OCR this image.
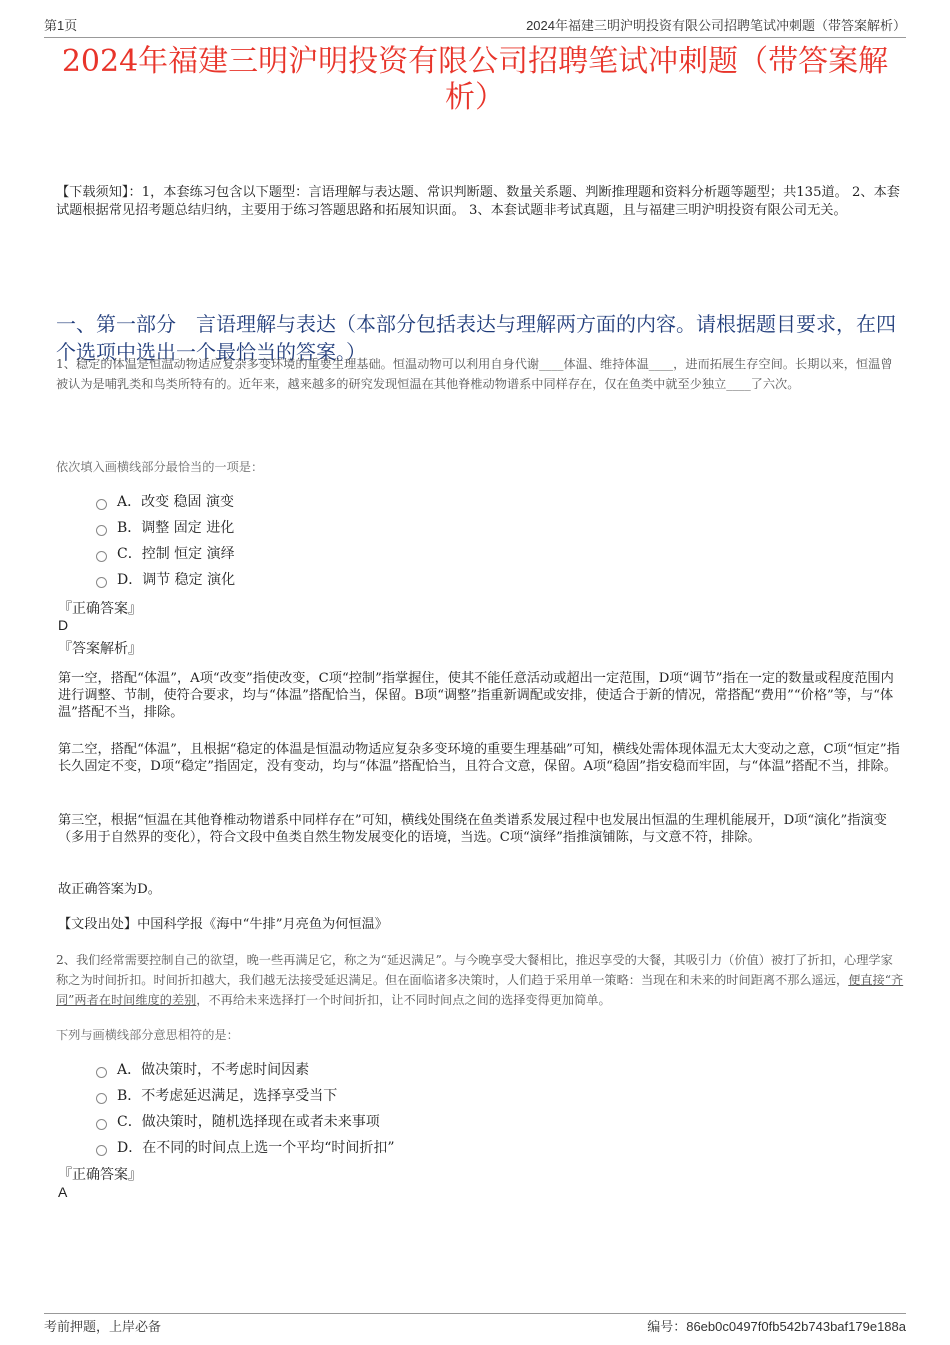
第1页	2024年福建三明沪明投资有限公司招聘笔试冲刺题（带答案解析）
2024年福建三明沪明投资有限公司招聘笔试冲刺题（带答案解析）
【下载须知】：1，本套练习包含以下题型：言语理解与表达题、常识判断题、数量关系题、判断推理题和资料分析题等题型；共135道。 2、本套试题根据常见招考题总结归纳，主要用于练习答题思路和拓展知识面。 3、本套试题非考试真题，且与福建三明沪明投资有限公司无关。
一、第一部分　言语理解与表达（本部分包括表达与理解两方面的内容。请根据题目要求，在四个选项中选出一个最恰当的答案。）
1、稳定的体温是恒温动物适应复杂多变环境的重要生理基础。恒温动物可以利用自身代谢____体温、维持体温____，进而拓展生存空间。长期以来，恒温曾被认为是哺乳类和鸟类所特有的。近年来，越来越多的研究发现恒温在其他脊椎动物谱系中同样存在，仅在鱼类中就至少独立____了六次。
依次填入画横线部分最恰当的一项是：
A．改变 稳固 演变
B．调整 固定 进化
C．控制 恒定 演绎
D．调节 稳定 演化
『正确答案』
D
『答案解析』
第一空，搭配“体温”，A项“改变”指使改变，C项“控制”指掌握住，使其不能任意活动或超出一定范围，D项“调节”指在一定的数量或程度范围内进行调整、节制，使符合要求，均与“体温”搭配恰当，保留。B项“调整”指重新调配或安排，使适合于新的情况，常搭配“费用”“价格”等，与“体温”搭配不当，排除。
第二空，搭配“体温”，且根据“稳定的体温是恒温动物适应复杂多变环境的重要生理基础”可知，横线处需体现体温无太大变动之意，C项“恒定”指长久固定不变，D项“稳定”指固定，没有变动，均与“体温”搭配恰当，且符合文意，保留。A项“稳固”指安稳而牢固，与“体温”搭配不当，排除。
第三空，根据“恒温在其他脊椎动物谱系中同样存在”可知，横线处围绕在鱼类谱系发展过程中也发展出恒温的生理机能展开，D项“演化”指演变（多用于自然界的变化），符合文段中鱼类自然生物发展变化的语境，当选。C项“演绎”指推演铺陈，与文意不符，排除。
故正确答案为D。
【文段出处】中国科学报《海中“牛排”月亮鱼为何恒温》
2、我们经常需要控制自己的欲望，晚一些再满足它，称之为“延迟满足”。与今晚享受大餐相比，推迟享受的大餐，其吸引力（价值）被打了折扣，心理学家称之为时间折扣。时间折扣越大，我们越无法接受延迟满足。但在面临诸多决策时，人们趋于采用单一策略：当现在和未来的时间距离不那么遥远，便直接“齐同”两者在时间维度的差别，不再给未来选择打一个时间折扣，让不同时间点之间的选择变得更加简单。
下列与画横线部分意思相符的是：
A．做决策时，不考虑时间因素
B．不考虑延迟满足，选择享受当下
C．做决策时，随机选择现在或者未来事项
D．在不同的时间点上选一个平均“时间折扣”
『正确答案』
A
考前押题，上岸必备	编号：86eb0c0497f0fb542b743baf179e188a
